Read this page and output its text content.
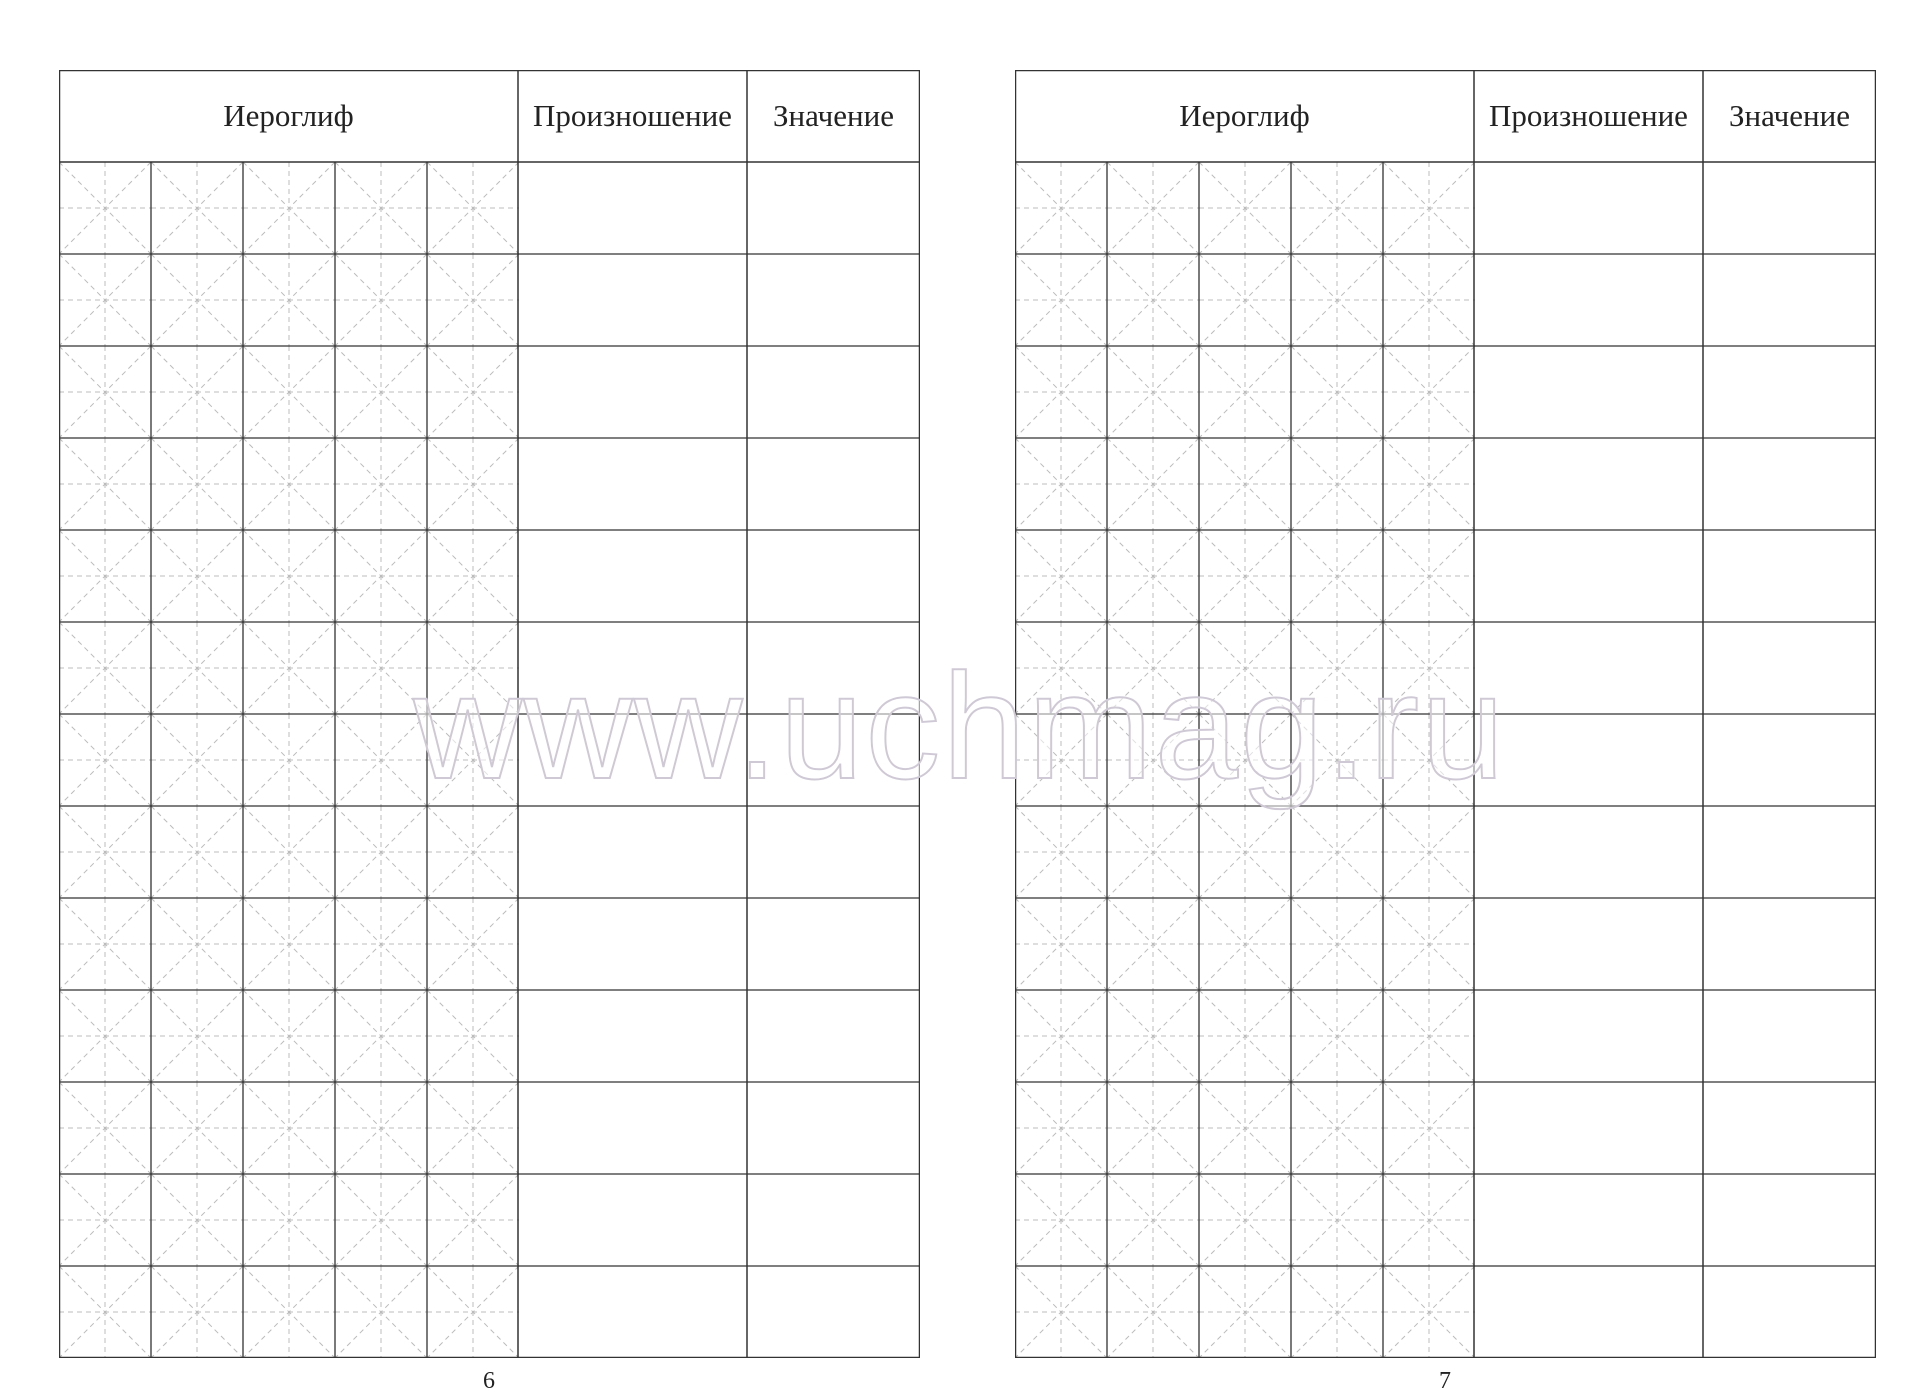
Иероглиф	Произношение	Значение
6
Иероглиф	Произношение	Значение
7
www.uchmag.ru
